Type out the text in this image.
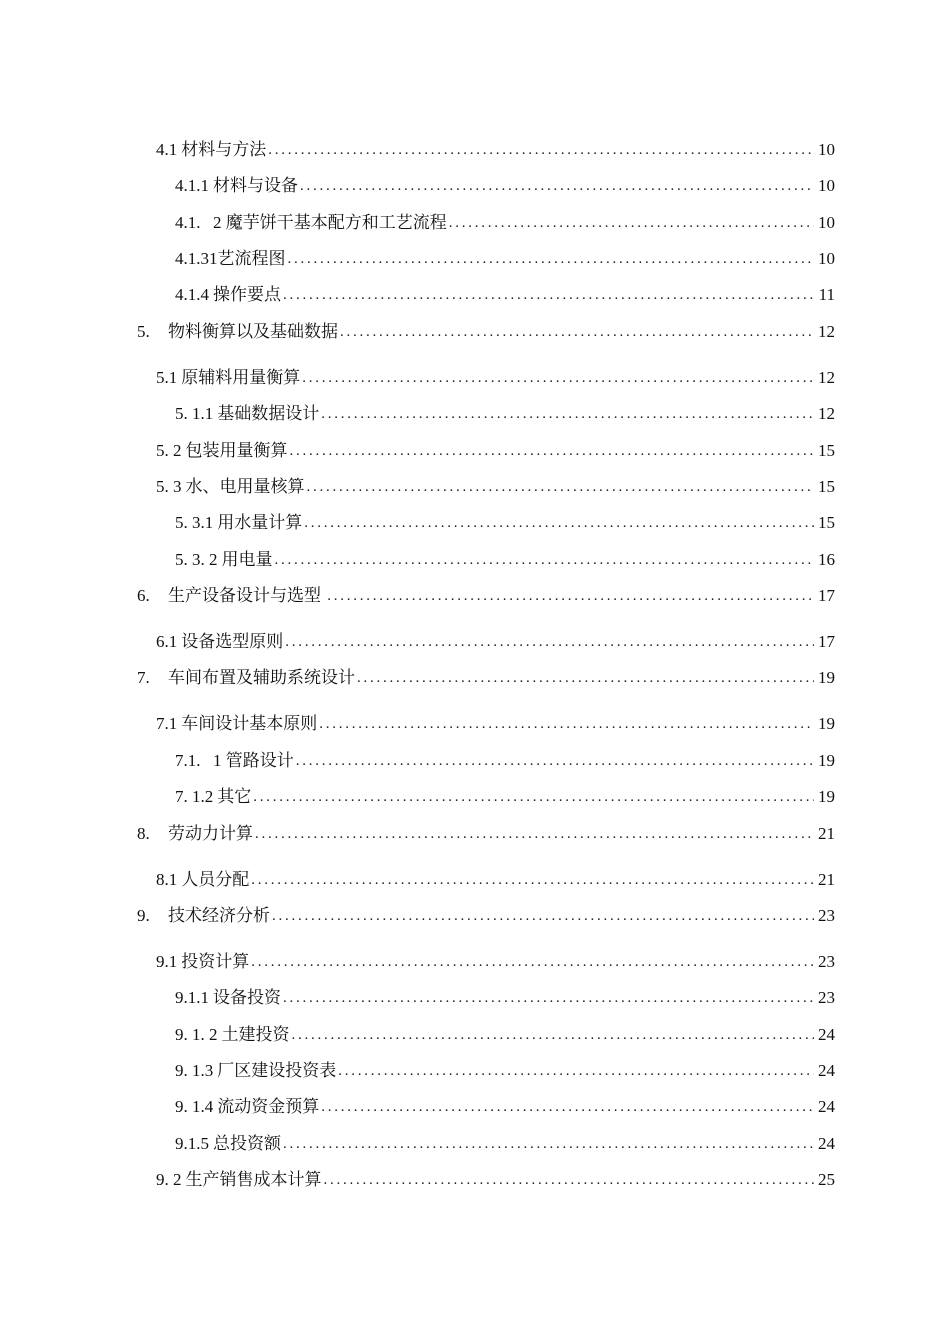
4.1 材料与方法 . . .	10
4.1.1 材料与设备 . . .	10
4.1. 2 魔芋饼干基本配方和工艺流程 . . .	10
4.1.31 艺流程图 . . .	10
4.1.4 操作要点 . . .	11
5.	物料衡算以及基础数据 . . .	12
5.1 原辅料用量衡算 . . .	12
5. 1.1 基础数据设计 . . .	12
5. 2 包装用量衡算 . . .	15
5. 3 水、电用量核算 . . .	15
5. 3.1 用水量计算 . . .	15
5. 3. 2 用电量 . . .	16
6.	生产设备设计与选型 . . .	17
6.1 设备选型原则 . . .	17
7.	车间布置及辅助系统设计 . . .	19
7.1 车间设计基本原则 . . .	19
7.1. 1 管路设计 . . .	19
7. 1.2 其它 . . .	19
8.	劳动力计算 . . .	21
8.1 人员分配 . . .	21
9.	技术经济分析 . . .	23
9.1 投资计算 . . .	23
9.1.1 设备投资 . . .	23
9. 1. 2 土建投资 . . .	24
9. 1.3 厂区建设投资表 . . .	24
9. 1.4 流动资金预算 . . .	24
9.1.5 总投资额 . . .	24
9. 2 生产销售成本计算 . . .	25
